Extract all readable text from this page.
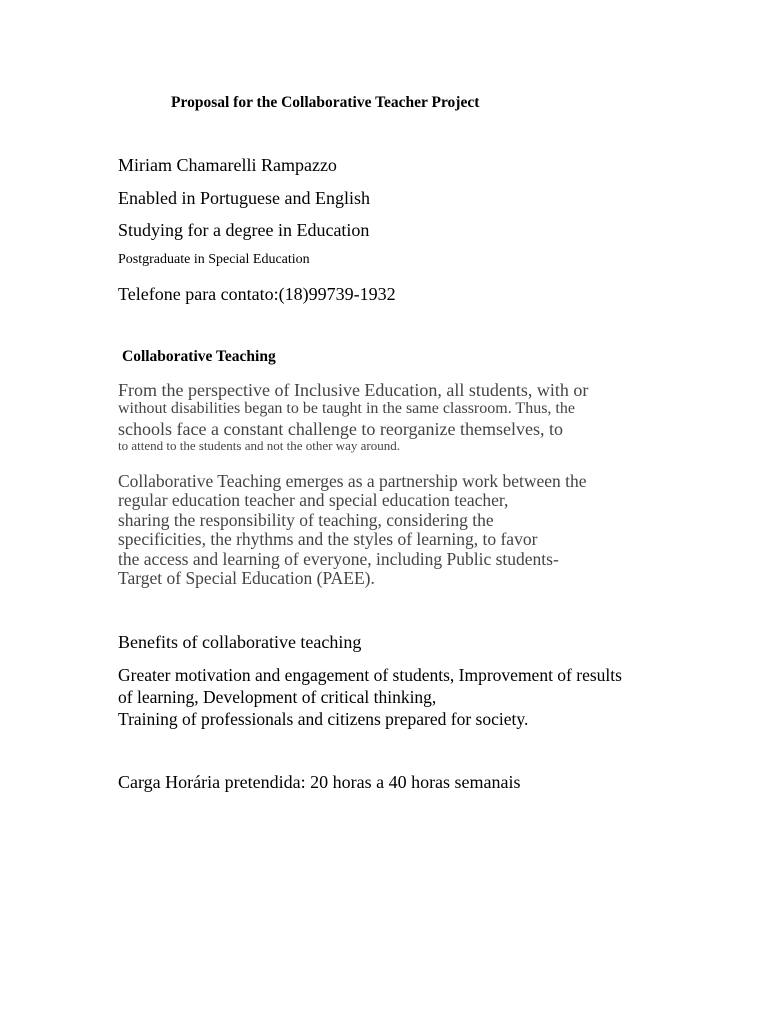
Proposal for the Collaborative Teacher Project

Miriam Chamarelli Rampazzo

Enabled in Portuguese and English

Studying for a degree in Education

Postgraduate in Special Education

Telefone para contato:(18)99739-1932

Collaborative Teaching

From the perspective of Inclusive Education, all students, with or

without disabilities began to be taught in the same classroom. Thus, the

schools face a constant challenge to reorganize themselves, to

to attend to the students and not the other way around.

Collaborative Teaching emerges as a partnership work between the

regular education teacher and special education teacher,

sharing the responsibility of teaching, considering the

specificities, the rhythms and the styles of learning, to favor

the access and learning of everyone, including Public students-

Target of Special Education (PAEE).

Benefits of collaborative teaching

Greater motivation and engagement of students, Improvement of results

of learning, Development of critical thinking,

Training of professionals and citizens prepared for society.

Carga Horária pretendida: 20 horas a 40 horas semanais
